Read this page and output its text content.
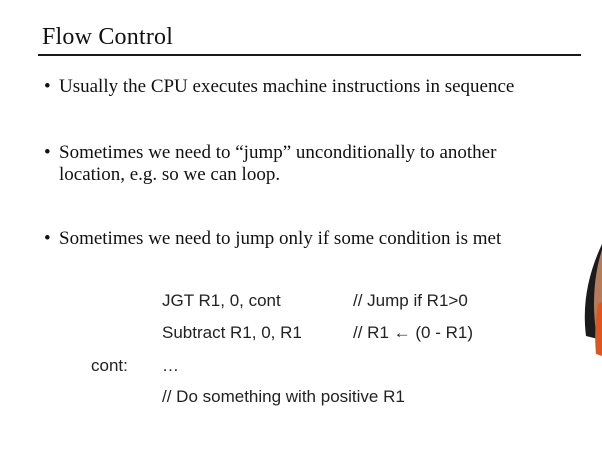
Flow Control
• Usually the CPU executes machine instructions in sequence
• Sometimes we need to “jump” unconditionally to another
location, e.g. so we can loop.
• Sometimes we need to jump only if some condition is met
JGT R1, 0, cont	// Jump if R1>0
Subtract R1, 0, R1	// R1 ← (0 - R1)
cont: …
// Do something with positive R1
